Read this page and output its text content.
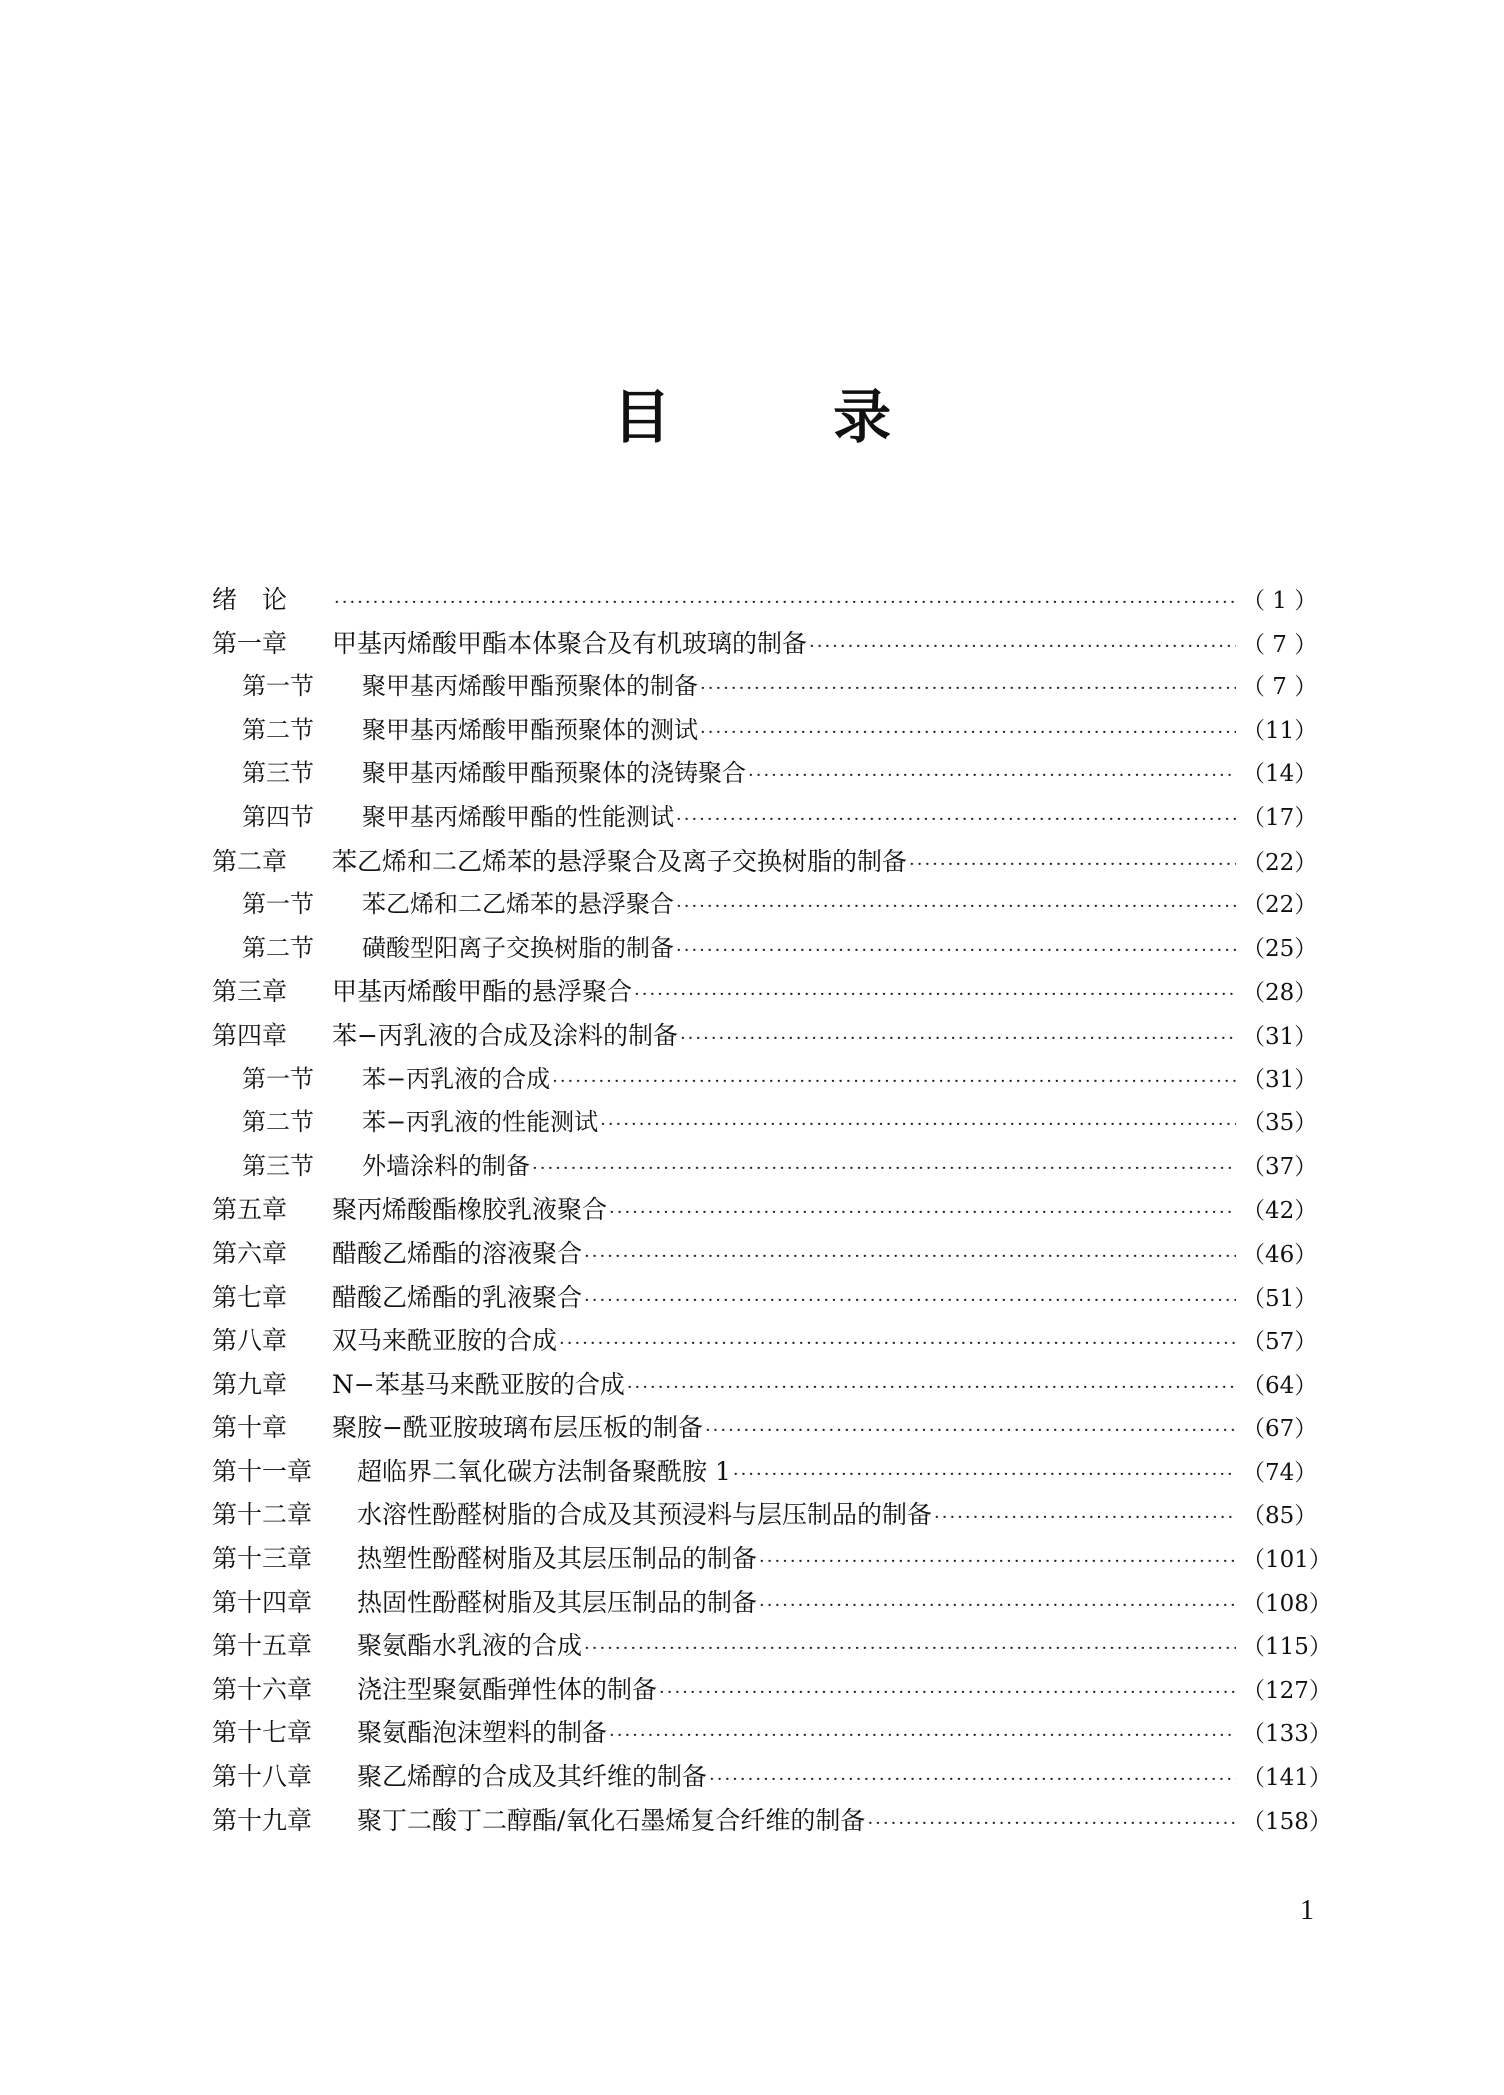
目　录
绪　论 ·····	（ 1 ）
第一章	甲基丙烯酸甲酯本体聚合及有机玻璃的制备 ·····	（ 7 ）
第一节	聚甲基丙烯酸甲酯预聚体的制备 ·····	（ 7 ）
第二节	聚甲基丙烯酸甲酯预聚体的测试 ·····	（11）
第三节	聚甲基丙烯酸甲酯预聚体的浇铸聚合 ·····	（14）
第四节	聚甲基丙烯酸甲酯的性能测试 ·····	（17）
第二章	苯乙烯和二乙烯苯的悬浮聚合及离子交换树脂的制备 ·····	（22）
第一节	苯乙烯和二乙烯苯的悬浮聚合 ·····	（22）
第二节	磺酸型阳离子交换树脂的制备 ·····	（25）
第三章	甲基丙烯酸甲酯的悬浮聚合 ·····	（28）
第四章	苯−丙乳液的合成及涂料的制备 ·····	（31）
第一节	苯−丙乳液的合成 ·····	（31）
第二节	苯−丙乳液的性能测试 ·····	（35）
第三节	外墙涂料的制备 ·····	（37）
第五章	聚丙烯酸酯橡胶乳液聚合 ·····	（42）
第六章	醋酸乙烯酯的溶液聚合 ·····	（46）
第七章	醋酸乙烯酯的乳液聚合 ·····	（51）
第八章	双马来酰亚胺的合成 ·····	（57）
第九章	N−苯基马来酰亚胺的合成 ·····	（64）
第十章	聚胺−酰亚胺玻璃布层压板的制备 ·····	（67）
第十一章	超临界二氧化碳方法制备聚酰胺 1 ·····	（74）
第十二章	水溶性酚醛树脂的合成及其预浸料与层压制品的制备 ·····	（85）
第十三章	热塑性酚醛树脂及其层压制品的制备 ·····	（101）
第十四章	热固性酚醛树脂及其层压制品的制备 ·····	（108）
第十五章	聚氨酯水乳液的合成 ·····	（115）
第十六章	浇注型聚氨酯弹性体的制备 ·····	（127）
第十七章	聚氨酯泡沫塑料的制备 ·····	（133）
第十八章	聚乙烯醇的合成及其纤维的制备 ·····	（141）
第十九章	聚丁二酸丁二醇酯/氧化石墨烯复合纤维的制备 ·····	（158）
1
